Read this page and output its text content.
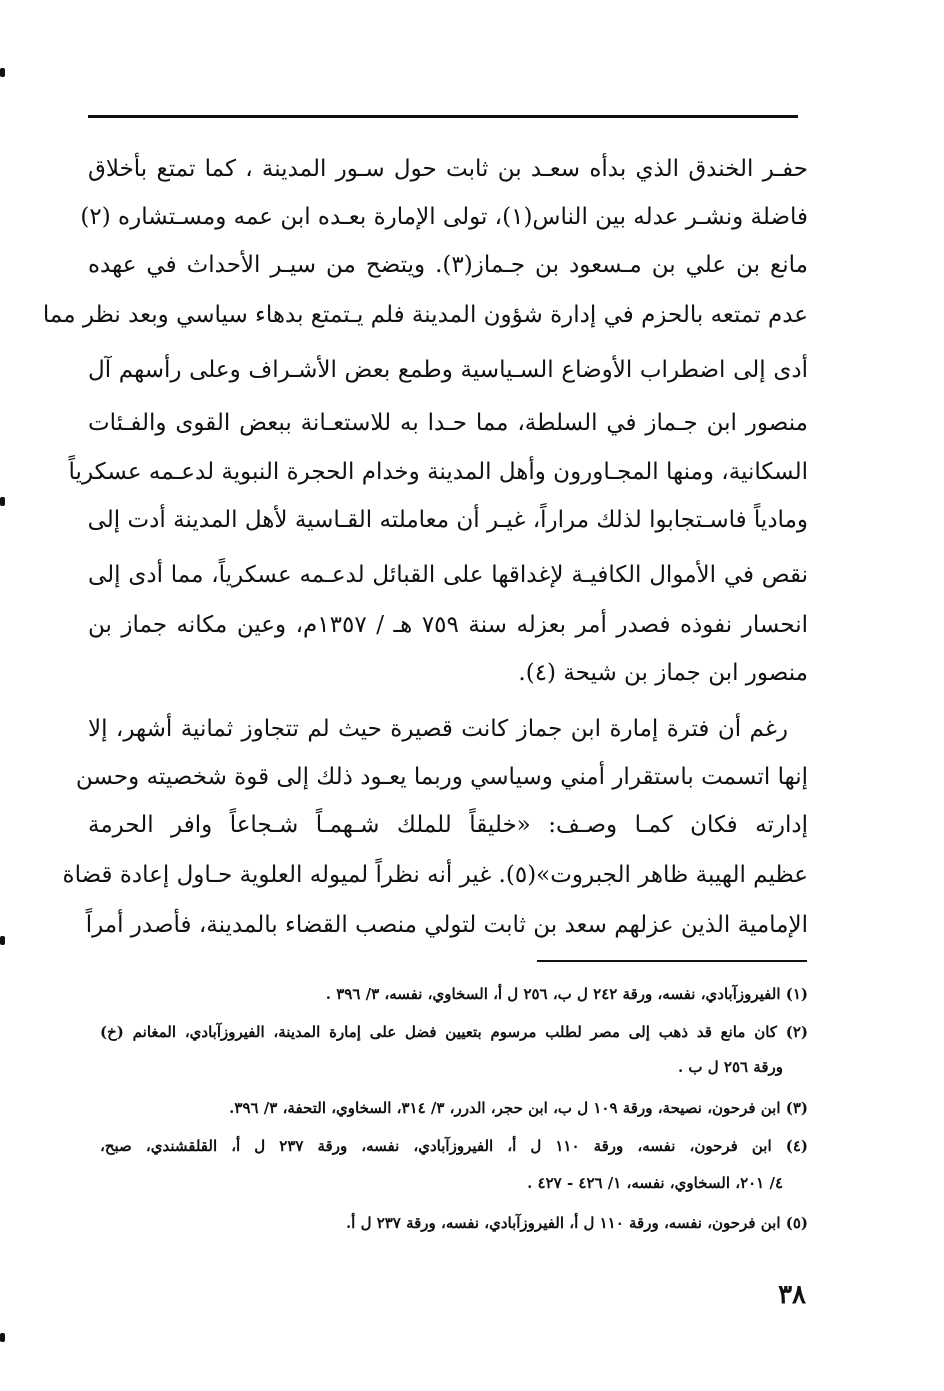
حفـر الخندق الذي بدأه سعـد بن ثابت حول سـور المدينة ، كما تمتع بأخلاق
فاضلة ونشـر عدله بين الناس(١)، تولى الإمارة بعـده ابن عمه ومسـتشاره (٢)
مانع بن علي بن مـسعود بن جـماز(٣). ويتضح من سيـر الأحداث في عهده
عدم تمتعه بالحزم في إدارة شؤون المدينة فلم يـتمتع بدهاء سياسي وبعد نظر مما
أدى إلى اضطراب الأوضاع السـياسية وطمع بعض الأشـراف وعلى رأسهم آل
منصور ابن جـماز في السلطة، مما حـدا به للاستعـانة ببعض القوى والفـئات
السكانية، ومنها المجـاورون وأهل المدينة وخدام الحجرة النبوية لدعـمه عسكرياً
ومادياً فاسـتجابوا لذلك مراراً، غيـر أن معاملته القـاسية لأهل المدينة أدت إلى
نقص في الأموال الكافيـة لإغداقها على القبائل لدعـمه عسكرياً، مما أدى إلى
انحسار نفوذه فصدر أمر بعزله سنة ٧٥٩ هـ / ١٣٥٧م، وعين مكانه جماز بن
منصور ابن جماز بن شيحة (٤).
رغم أن فترة إمارة ابن جماز كانت قصيرة حيث لم تتجاوز ثمانية أشهر، إلا
إنها اتسمت باستقرار أمني وسياسي وربما يعـود ذلك إلى قوة شخصيته وحسن
إدارته فكان كمـا وصـف: «خليقاً للملك شـهمـاً شـجاعاً وافر الحرمة
عظيم الهيبة ظاهر الجبروت»(٥). غير أنه نظراً لميوله العلوية حـاول إعادة قضاة
الإمامية الذين عزلهم سعد بن ثابت لتولي منصب القضاء بالمدينة، فأصدر أمراً
(١) الفيروزآبادي، نفسه، ورقة ٢٤٢ ل ب، ٢٥٦ ل أ، السخاوي، نفسه، ٣/ ٣٩٦ .
(٢) كان مانع قد ذهب إلى مصر لطلب مرسوم بتعيين فضل على إمارة المدينة، الفيروزآبادي، المغانم (خ)
ورقة ٢٥٦ ل ب .
(٣) ابن فرحون، نصيحة، ورقة ١٠٩ ل ب، ابن حجر، الدرر، ٣/ ٣١٤، السخاوي، التحفة، ٣/ ٣٩٦.
(٤) ابن فرحون، نفسه، ورقة ١١٠ ل أ، الفيروزآبادي، نفسه، ورقة ٢٣٧ ل أ، القلقشندي، صبح،
٤/ ٢٠١، السخاوي، نفسه، ١/ ٤٢٦ - ٤٢٧ .
(٥) ابن فرحون، نفسه، ورقة ١١٠ ل أ، الفيروزآبادي، نفسه، ورقة ٢٣٧ ل أ.
٣٨
